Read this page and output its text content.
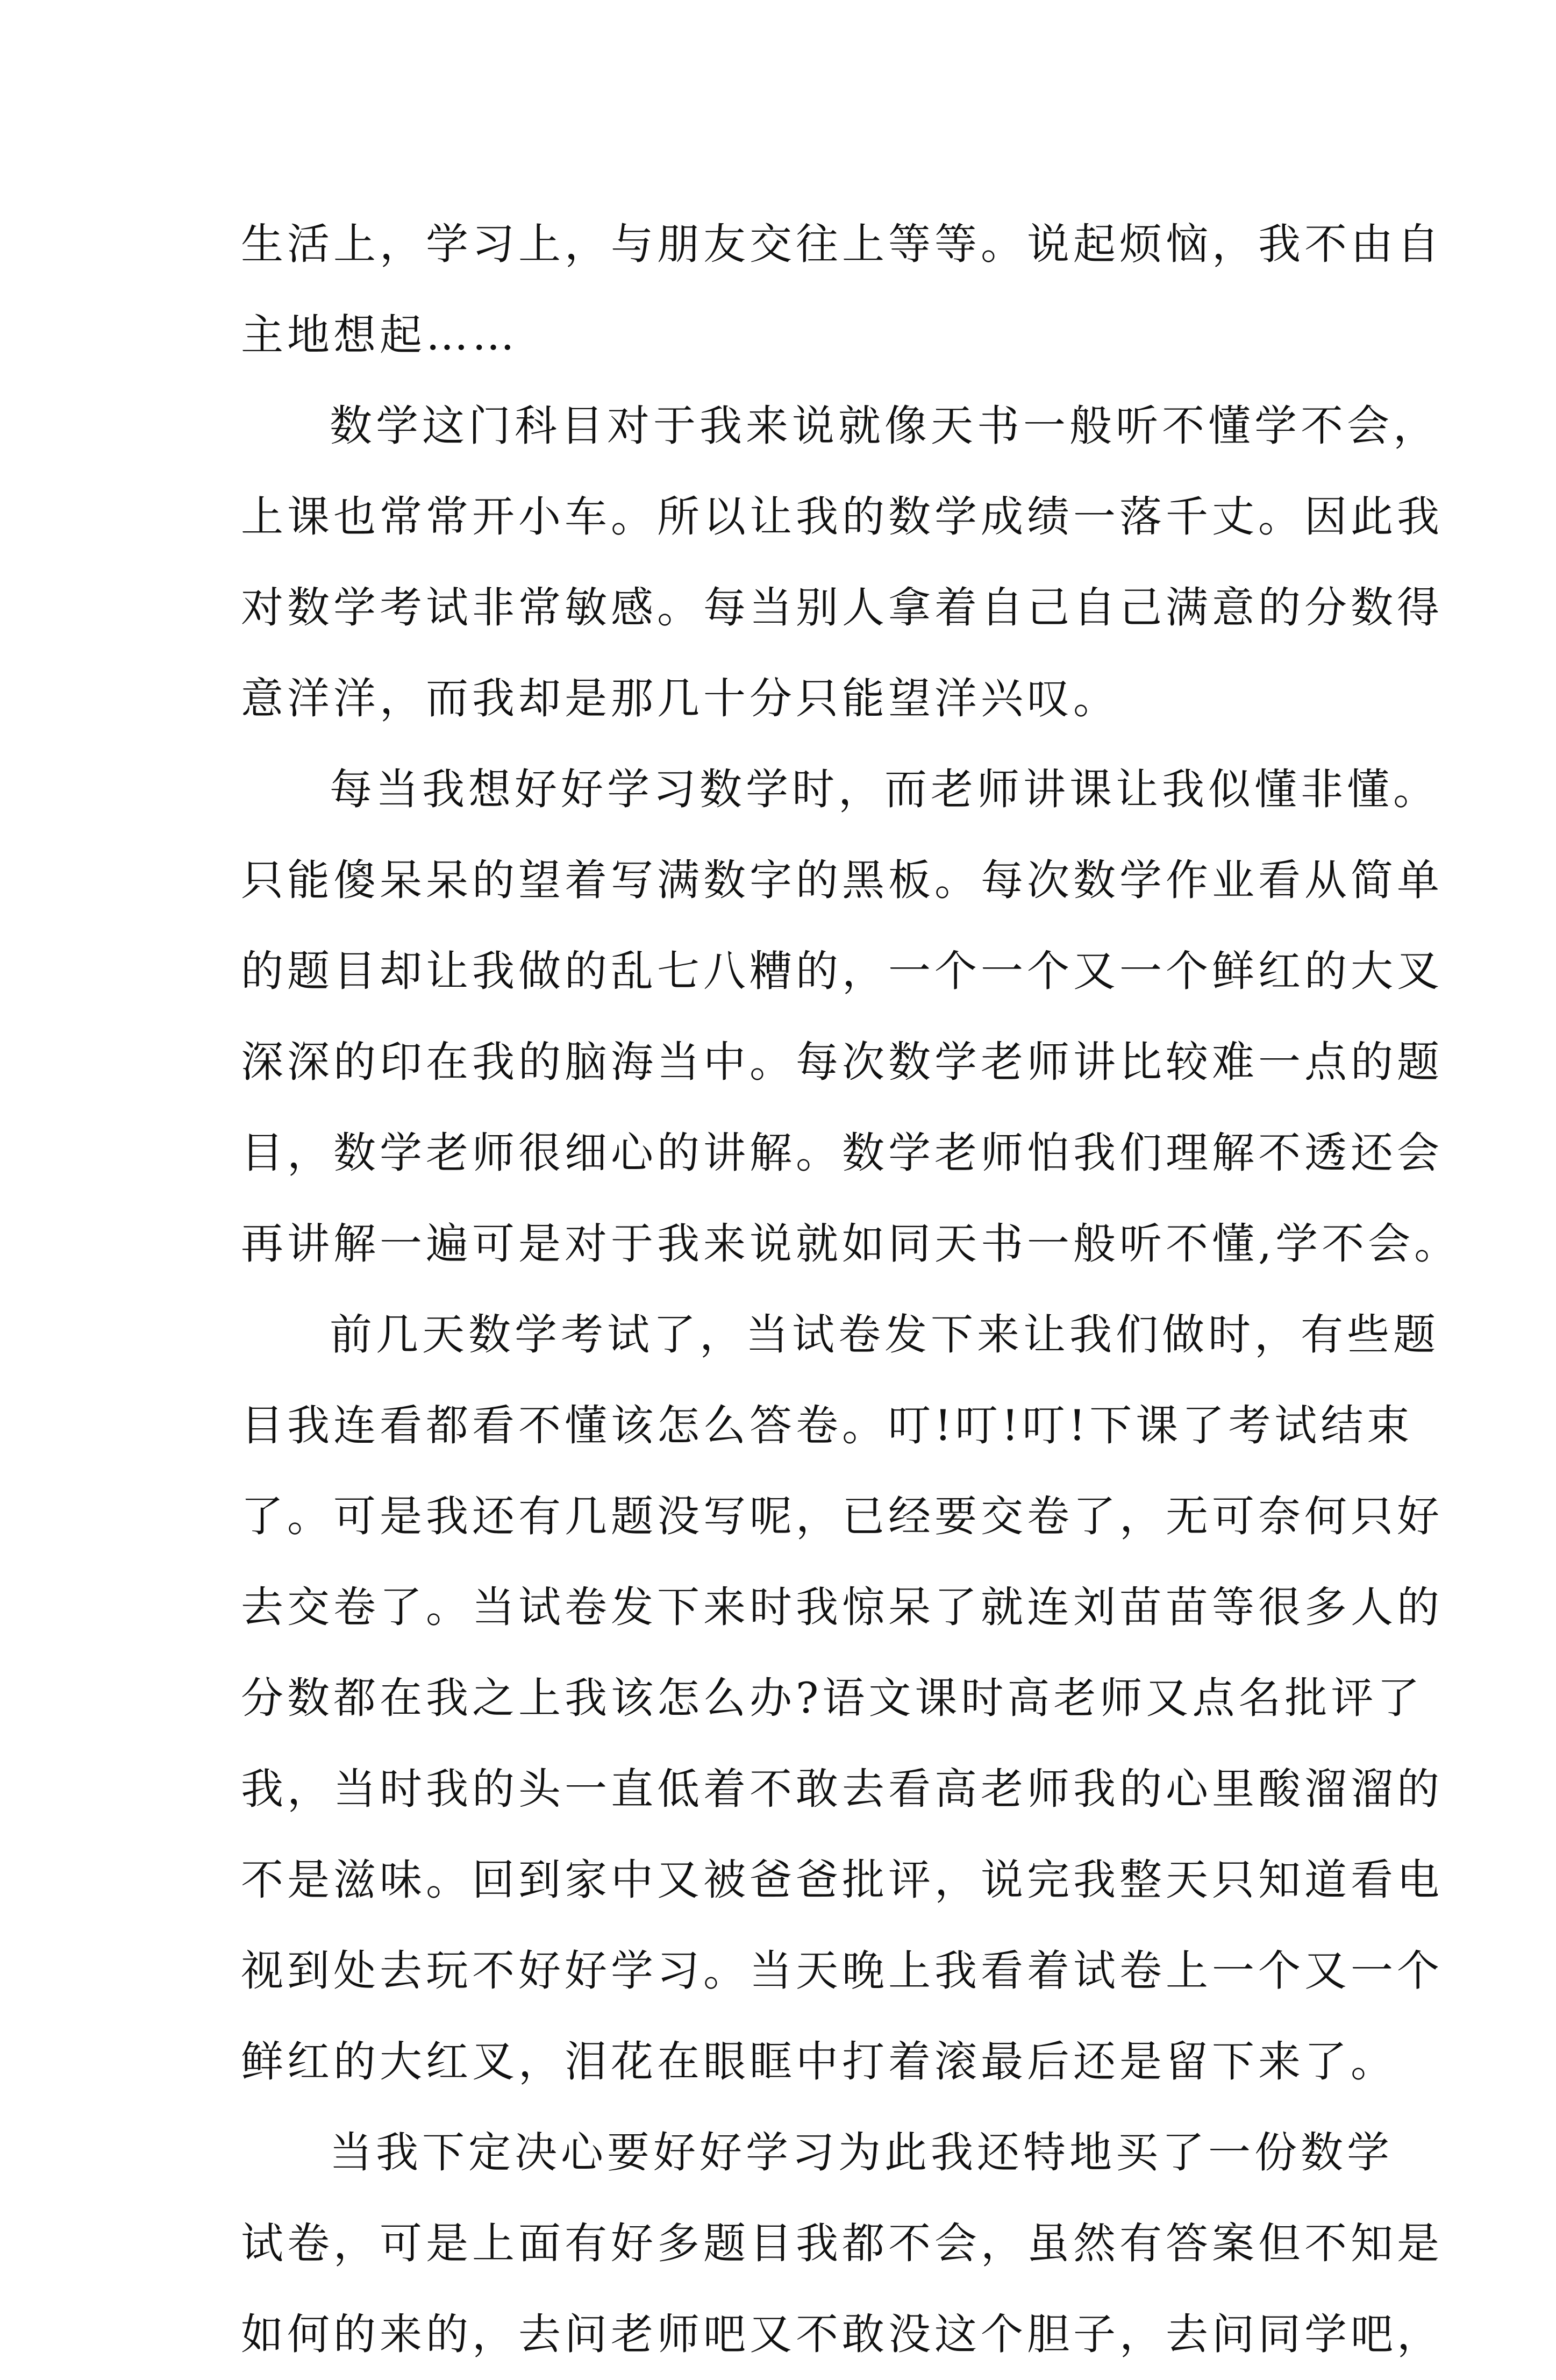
生活上，学习上，与朋友交往上等等。说起烦恼，我不由自
主地想起……
数学这门科目对于我来说就像天书一般听不懂学不会，
上课也常常开小车。所以让我的数学成绩一落千丈。因此我
对数学考试非常敏感。每当别人拿着自己自己满意的分数得
意洋洋，而我却是那几十分只能望洋兴叹。
每当我想好好学习数学时，而老师讲课让我似懂非懂。
只能傻呆呆的望着写满数字的黑板。每次数学作业看从简单
的题目却让我做的乱七八糟的，一个一个又一个鲜红的大叉
深深的印在我的脑海当中。每次数学老师讲比较难一点的题
目，数学老师很细心的讲解。数学老师怕我们理解不透还会
再讲解一遍可是对于我来说就如同天书一般听不懂,学不会。
前几天数学考试了，当试卷发下来让我们做时，有些题
目我连看都看不懂该怎么答卷。叮!叮!叮!下课了考试结束
了。可是我还有几题没写呢，已经要交卷了，无可奈何只好
去交卷了。当试卷发下来时我惊呆了就连刘苗苗等很多人的
分数都在我之上我该怎么办?语文课时高老师又点名批评了
我，当时我的头一直低着不敢去看高老师我的心里酸溜溜的
不是滋味。回到家中又被爸爸批评，说完我整天只知道看电
视到处去玩不好好学习。当天晚上我看着试卷上一个又一个
鲜红的大红叉，泪花在眼眶中打着滚最后还是留下来了。
当我下定决心要好好学习为此我还特地买了一份数学
试卷，可是上面有好多题目我都不会，虽然有答案但不知是
如何的来的，去问老师吧又不敢没这个胆子，去问同学吧，
